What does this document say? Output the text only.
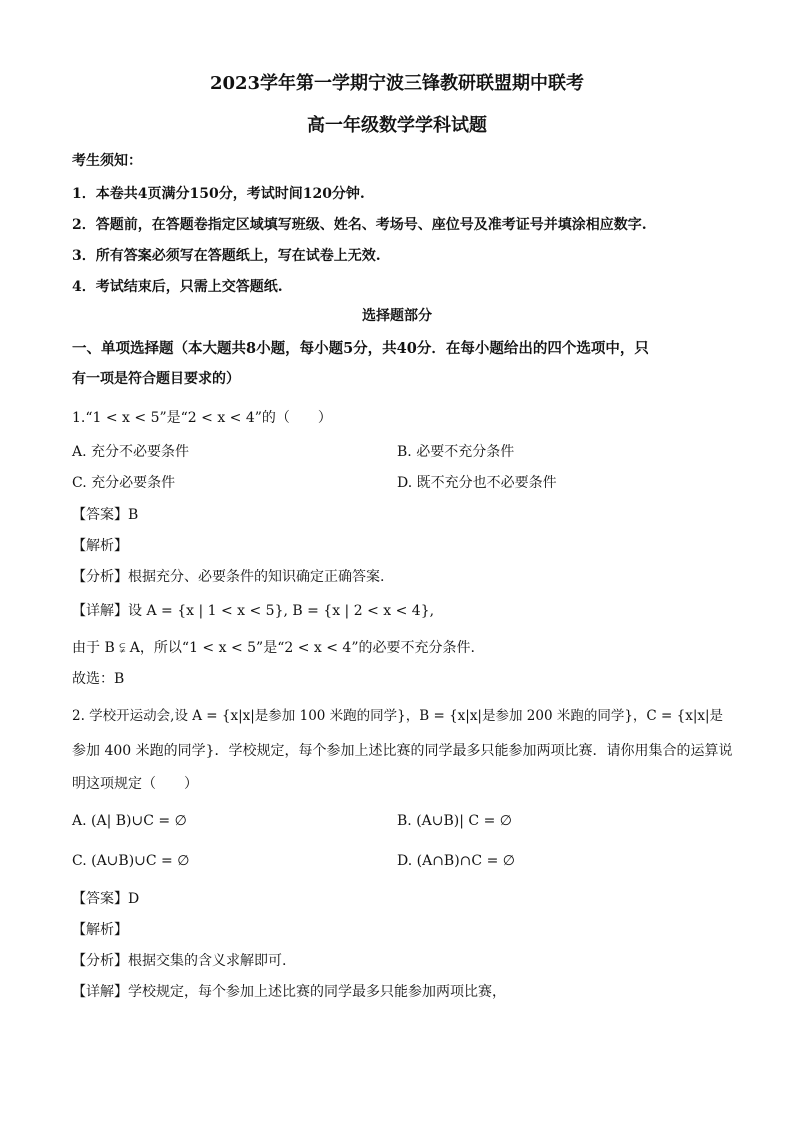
2023学年第一学期宁波三锋教研联盟期中联考
高一年级数学学科试题
考生须知：
1．本卷共4页满分150分，考试时间120分钟.
2．答题前，在答题卷指定区域填写班级、姓名、考场号、座位号及准考证号并填涂相应数字.
3．所有答案必须写在答题纸上，写在试卷上无效.
4．考试结束后，只需上交答题纸.
选择题部分
一、单项选择题（本大题共8小题，每小题5分，共40分．在每小题给出的四个选项中，只
有一项是符合题目要求的）
1.“1 < x < 5”是“2 < x < 4”的（　　）
A. 充分不必要条件	B. 必要不充分条件
C. 充分必要条件	D. 既不充分也不必要条件
【答案】B
【解析】
【分析】根据充分、必要条件的知识确定正确答案.
【详解】设 A = {x | 1 < x < 5}, B = {x | 2 < x < 4},
由于 B ⫋ A，所以“1 < x < 5”是“2 < x < 4”的必要不充分条件.
故选：B
2. 学校开运动会,设 A = {x|x|是参加 100 米跑的同学}，B = {x|x|是参加 200 米跑的同学}，C = {x|x|是
参加 400 米跑的同学}．学校规定，每个参加上述比赛的同学最多只能参加两项比赛．请你用集合的运算说
明这项规定（　　）
A. (A| B)∪C = ∅	B. (A∪B)| C = ∅
C. (A∪B)∪C = ∅	D. (A∩B)∩C = ∅
【答案】D
【解析】
【分析】根据交集的含义求解即可.
【详解】学校规定，每个参加上述比赛的同学最多只能参加两项比赛，
